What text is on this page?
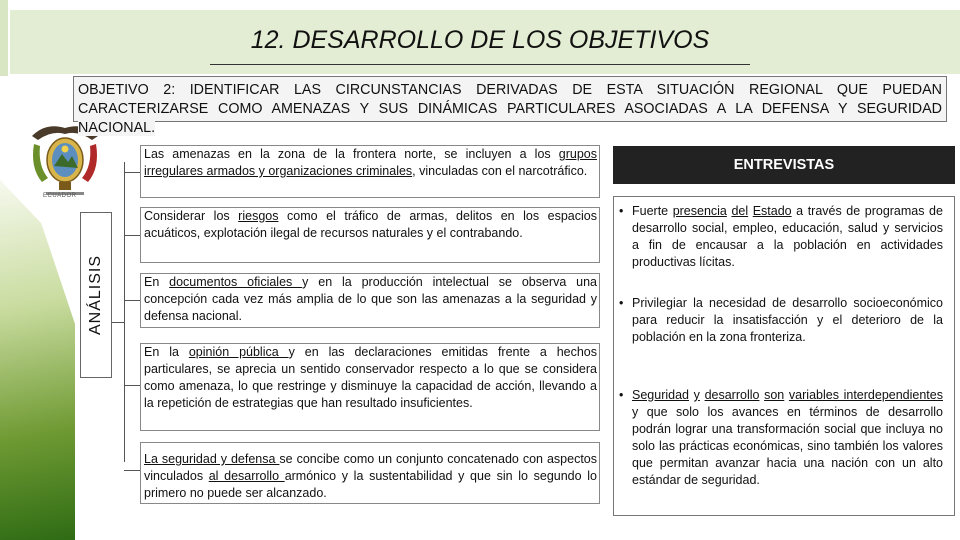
12. DESARROLLO DE LOS OBJETIVOS
ECUADOR
OBJETIVO 2: IDENTIFICAR LAS CIRCUNSTANCIAS DERIVADAS DE ESTA SITUACIÓN REGIONAL QUE PUEDAN CARACTERIZARSE COMO AMENAZAS Y SUS DINÁMICAS PARTICULARES ASOCIADAS A LA DEFENSA Y SEGURIDAD NACIONAL.
ANÁLISIS
Las amenazas en la zona de la frontera norte, se incluyen a los grupos irregulares armados y organizaciones criminales, vinculadas con el narcotráfico.
Considerar los riesgos como el tráfico de armas, delitos en los espacios acuáticos, explotación ilegal de recursos naturales y el contrabando.
En documentos oficiales y en la producción intelectual se observa una concepción cada vez más amplia de lo que son las amenazas a la seguridad y defensa nacional.
En la opinión pública y en las declaraciones emitidas frente a hechos particulares, se aprecia un sentido conservador respecto a lo que se considera como amenaza, lo que restringe y disminuye la capacidad de acción, llevando a la repetición de estrategias que han resultado insuficientes.
La seguridad y defensa se concibe como un conjunto concatenado con aspectos vinculados al desarrollo armónico y la sustentabilidad y que sin lo segundo lo primero no puede ser alcanzado.
ENTREVISTAS
• Fuerte presencia del Estado a través de programas de desarrollo social, empleo, educación, salud y servicios a fin de encausar a la población en actividades productivas lícitas.
• Privilegiar la necesidad de desarrollo socioeconómico para reducir la insatisfacción y el deterioro de la población en la zona fronteriza.
• Seguridad y desarrollo son variables interdependientes y que solo los avances en términos de desarrollo podrán lograr una transformación social que incluya no solo las prácticas económicas, sino también los valores que permitan avanzar hacia una nación con un alto estándar de seguridad.
